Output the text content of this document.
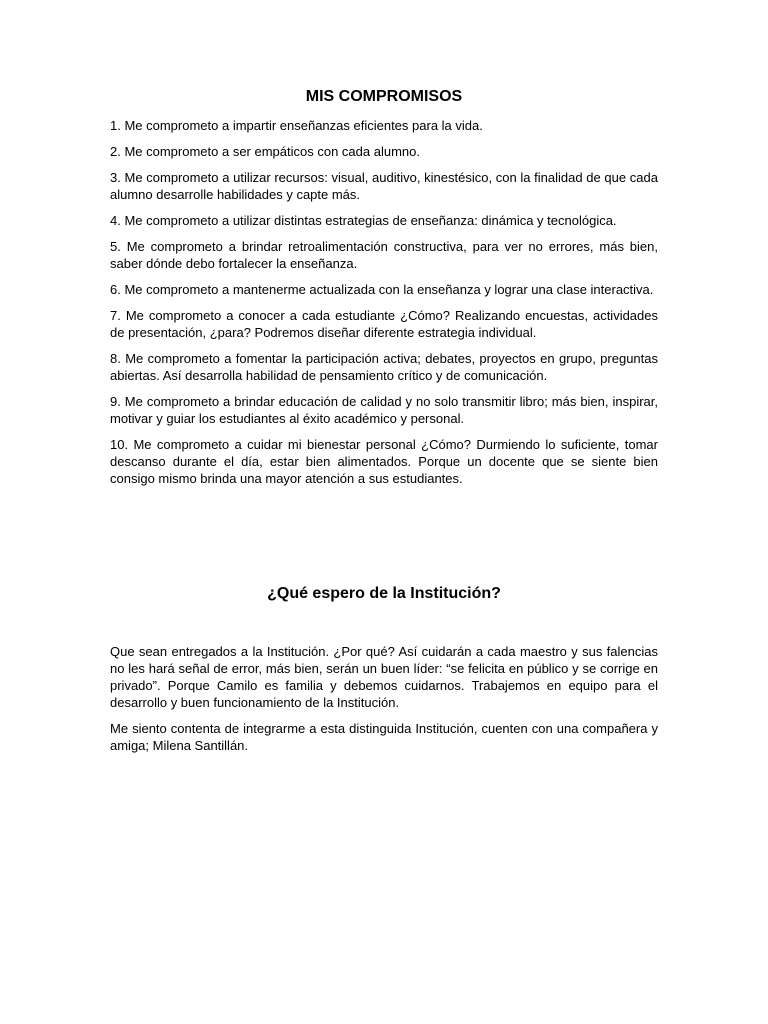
MIS COMPROMISOS

1. Me comprometo a impartir enseñanzas eficientes para la vida.

2. Me comprometo a ser empáticos con cada alumno.

3. Me comprometo a utilizar recursos: visual, auditivo, kinestésico, con la finalidad de que cada alumno desarrolle habilidades y capte más.

4. Me comprometo a utilizar distintas estrategias de enseñanza: dinámica y tecnológica.

5. Me comprometo a brindar retroalimentación constructiva, para ver no errores, más bien, saber dónde debo fortalecer la enseñanza.

6. Me comprometo a mantenerme actualizada con la enseñanza y lograr una clase interactiva.

7. Me comprometo a conocer a cada estudiante ¿Cómo? Realizando encuestas, actividades de presentación, ¿para? Podremos diseñar diferente estrategia individual.

8. Me comprometo a fomentar la participación activa; debates, proyectos en grupo, preguntas abiertas. Así desarrolla habilidad de pensamiento crítico y de comunicación.

9. Me comprometo a brindar educación de calidad y no solo transmitir libro; más bien, inspirar, motivar y guiar los estudiantes al éxito académico y personal.

10. Me comprometo a cuidar mi bienestar personal ¿Cómo? Durmiendo lo suficiente, tomar descanso durante el día, estar bien alimentados. Porque un docente que se siente bien consigo mismo brinda una mayor atención a sus estudiantes.

¿Qué espero de la Institución?

Que sean entregados a la Institución. ¿Por qué? Así cuidarán a cada maestro y sus falencias no les hará señal de error, más bien, serán un buen líder: “se felicita en público y se corrige en privado”. Porque Camilo es familia y debemos cuidarnos. Trabajemos en equipo para el desarrollo y buen funcionamiento de la Institución.

Me siento contenta de integrarme a esta distinguida Institución, cuenten con una compañera y amiga; Milena Santillán.
